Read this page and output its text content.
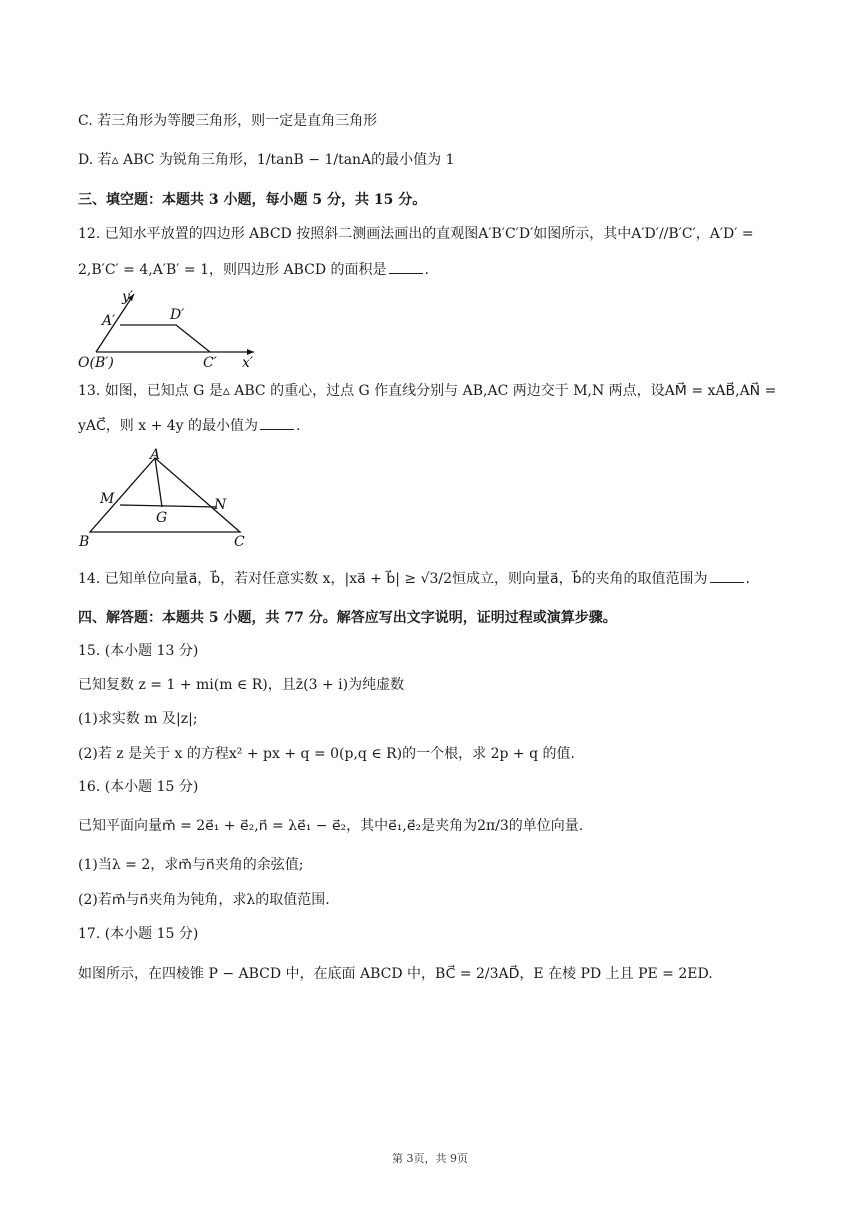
C. 若三角形为等腰三角形，则一定是直角三角形
D. 若▵ ABC 为锐角三角形，1/tanB − 1/tanA的最小值为 1
三、填空题：本题共 3 小题，每小题 5 分，共 15 分。
12. 已知水平放置的四边形 ABCD 按照斜二测画法画出的直观图A′B′C′D′如图所示，其中A′D′//B′C′，A′D′ =
2,B′C′ = 4,A′B′ = 1，则四边形 ABCD 的面积是	.
y′
A′	D′
O(B′)	C′ x′
13. 如图，已知点 G 是▵ ABC 的重心，过点 G 作直线分别与 AB,AC 两边交于 M,N 两点，设AM⃗ = xAB⃗,AN⃗ =
yAC⃗，则 x + 4y 的最小值为	.
A
M	N
G
B	C
14. 已知单位向量a⃗，b⃗，若对任意实数 x，|xa⃗ + b⃗| ≥ √3/2恒成立，则向量a⃗，b⃗的夹角的取值范围为	.
四、解答题：本题共 5 小题，共 77 分。解答应写出文字说明，证明过程或演算步骤。
15. (本小题 13 分)
已知复数 z = 1 + mi(m ∈ R)，且z̄(3 + i)为纯虚数
(1)求实数 m 及|z|;
(2)若 z 是关于 x 的方程x² + px + q = 0(p,q ∈ R)的一个根，求 2p + q 的值.
16. (本小题 15 分)
已知平面向量m⃗ = 2e⃗₁ + e⃗₂,n⃗ = λe⃗₁ − e⃗₂，其中e⃗₁,e⃗₂是夹角为2π/3的单位向量.
(1)当λ = 2，求m⃗与n⃗夹角的余弦值;
(2)若m⃗与n⃗夹角为钝角，求λ的取值范围.
17. (本小题 15 分)
如图所示，在四棱锥 P − ABCD 中，在底面 ABCD 中，BC⃗ = 2/3AD⃗，E 在棱 PD 上且 PE = 2ED.
第 3页，共 9页
